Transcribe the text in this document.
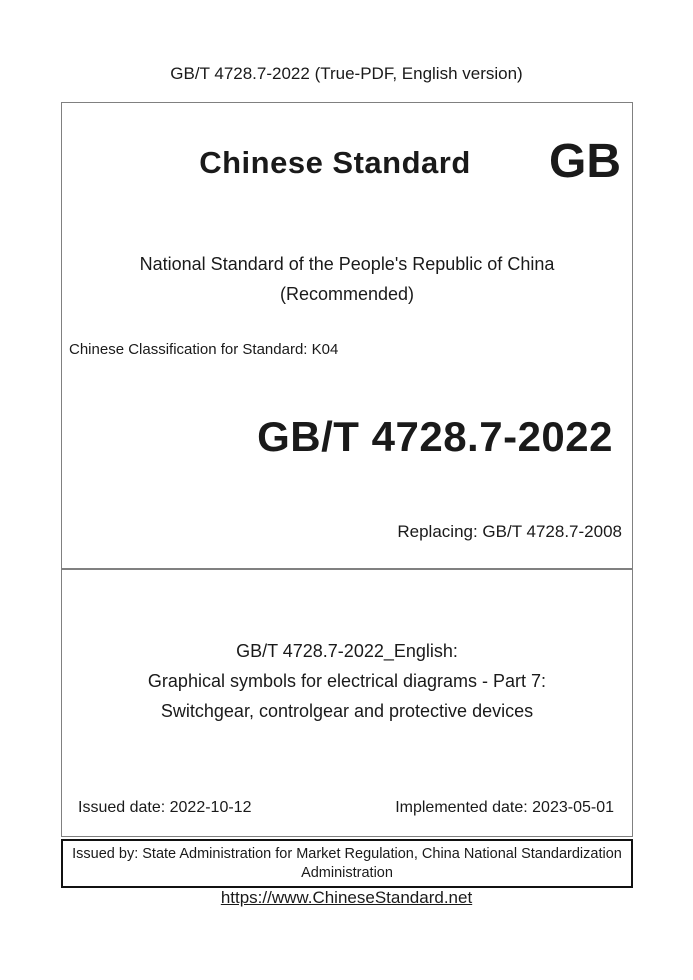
GB/T 4728.7-2022 (True-PDF, English version)
Chinese Standard	GB
National Standard of the People's Republic of China
(Recommended)
Chinese Classification for Standard: K04
GB/T 4728.7-2022
Replacing: GB/T 4728.7-2008
GB/T 4728.7-2022_English:
Graphical symbols for electrical diagrams - Part 7:
Switchgear, controlgear and protective devices
Issued date: 2022-10-12	Implemented date: 2023-05-01
Issued by: State Administration for Market Regulation, China National Standardization
Administration
https://www.ChineseStandard.net
